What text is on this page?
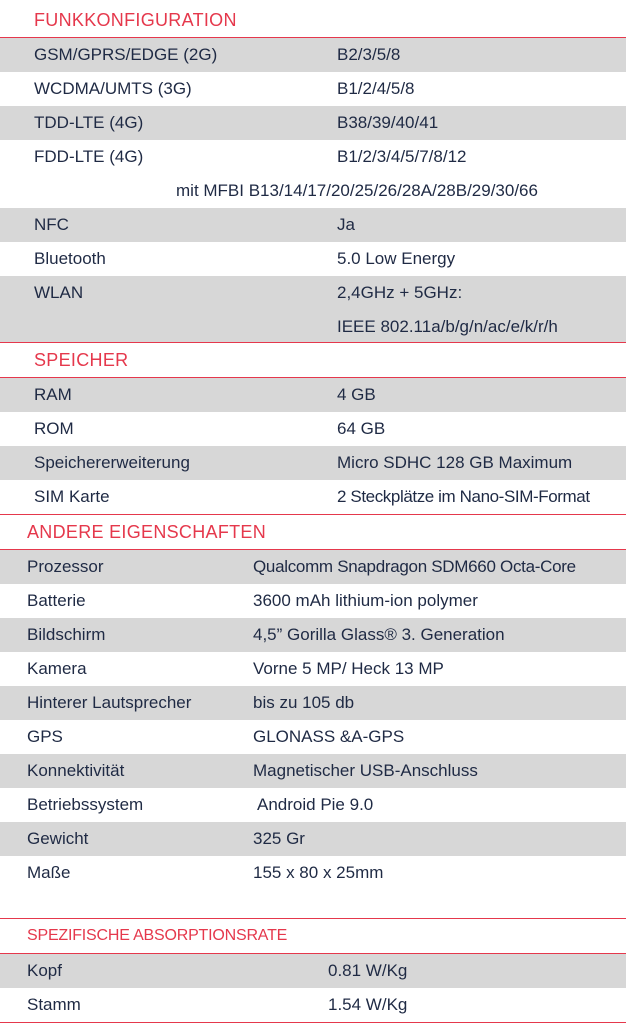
FUNKKONFIGURATION
GSM/GPRS/EDGE (2G)	B2/3/5/8
WCDMA/UMTS (3G)	B1/2/4/5/8
TDD-LTE (4G)	B38/39/40/41
FDD-LTE (4G)	B1/2/3/4/5/7/8/12
mit MFBI B13/14/17/20/25/26/28A/28B/29/30/66
NFC	Ja
Bluetooth	5.0 Low Energy
WLAN	2,4GHz + 5GHz:
IEEE 802.11a/b/g/n/ac/e/k/r/h
SPEICHER
RAM	4 GB
ROM	64 GB
Speichererweiterung	Micro SDHC 128 GB Maximum
SIM Karte	2 Steckplätze im Nano-SIM-Format
ANDERE EIGENSCHAFTEN
Prozessor	Qualcomm Snapdragon SDM660 Octa-Core
Batterie	3600 mAh lithium-ion polymer
Bildschirm	4,5” Gorilla Glass® 3. Generation
Kamera	Vorne 5 MP/ Heck 13 MP
Hinterer Lautsprecher	bis zu 105 db
GPS	GLONASS &A-GPS
Konnektivität	Magnetischer USB-Anschluss
Betriebssystem	Android Pie 9.0
Gewicht	325 Gr
Maße	155 x 80 x 25mm
SPEZIFISCHE ABSORPTIONSRATE
Kopf	0.81 W/Kg
Stamm	1.54 W/Kg
